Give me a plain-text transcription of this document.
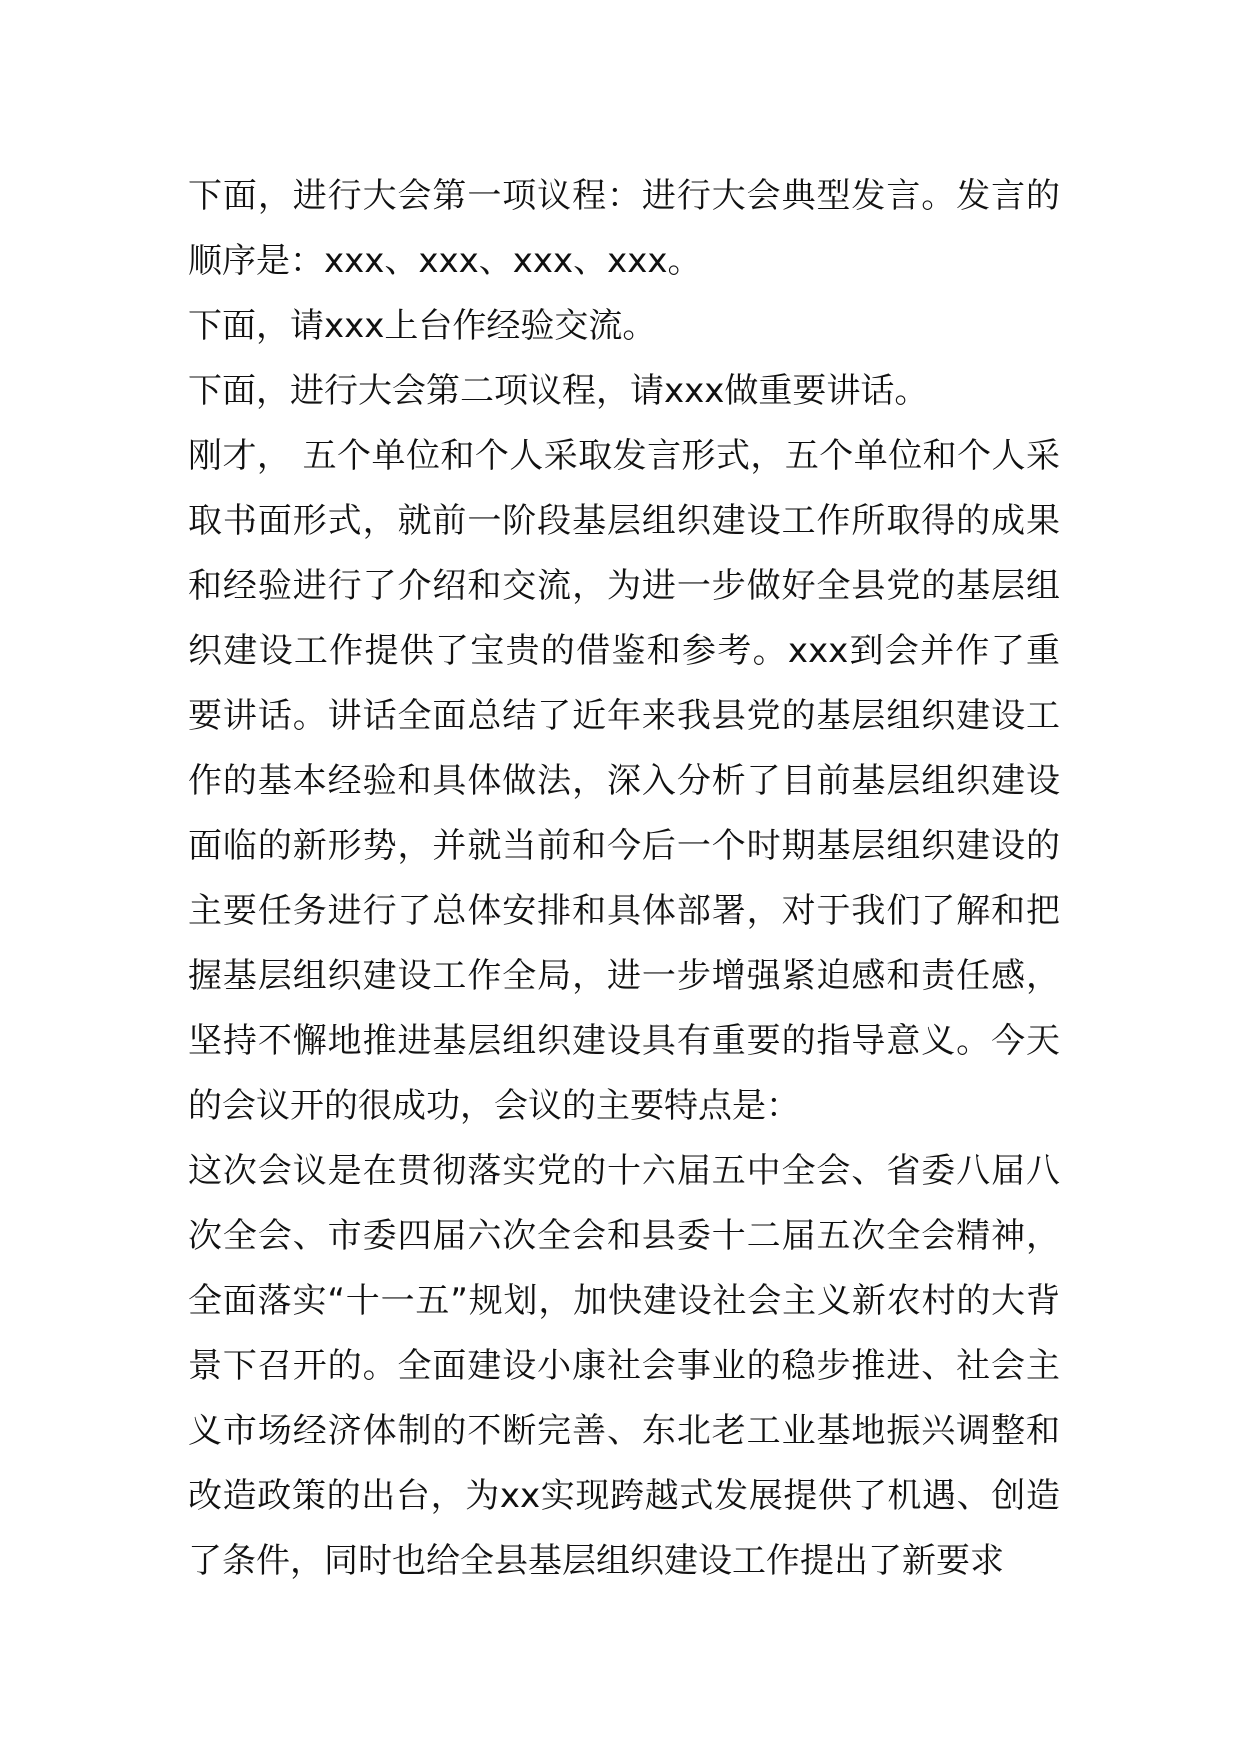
下面，进行大会第一项议程：进行大会典型发言。发言的顺序是：xxx、xxx、xxx、xxx。

下面，请xxx上台作经验交流。

下面，进行大会第二项议程，请xxx做重要讲话。

刚才， 五个单位和个人采取发言形式，五个单位和个人采取书面形式，就前一阶段基层组织建设工作所取得的成果和经验进行了介绍和交流，为进一步做好全县党的基层组织建设工作提供了宝贵的借鉴和参考。xxx到会并作了重要讲话。讲话全面总结了近年来我县党的基层组织建设工作的基本经验和具体做法，深入分析了目前基层组织建设面临的新形势，并就当前和今后一个时期基层组织建设的主要任务进行了总体安排和具体部署，对于我们了解和把握基层组织建设工作全局，进一步增强紧迫感和责任感，坚持不懈地推进基层组织建设具有重要的指导意义。今天的会议开的很成功，会议的主要特点是：

这次会议是在贯彻落实党的十六届五中全会、省委八届八次全会、市委四届六次全会和县委十二届五次全会精神，全面落实“十一五”规划，加快建设社会主义新农村的大背景下召开的。全面建设小康社会事业的稳步推进、社会主义市场经济体制的不断完善、东北老工业基地振兴调整和改造政策的出台，为xx实现跨越式发展提供了机遇、创造了条件，同时也给全县基层组织建设工作提出了新要求
